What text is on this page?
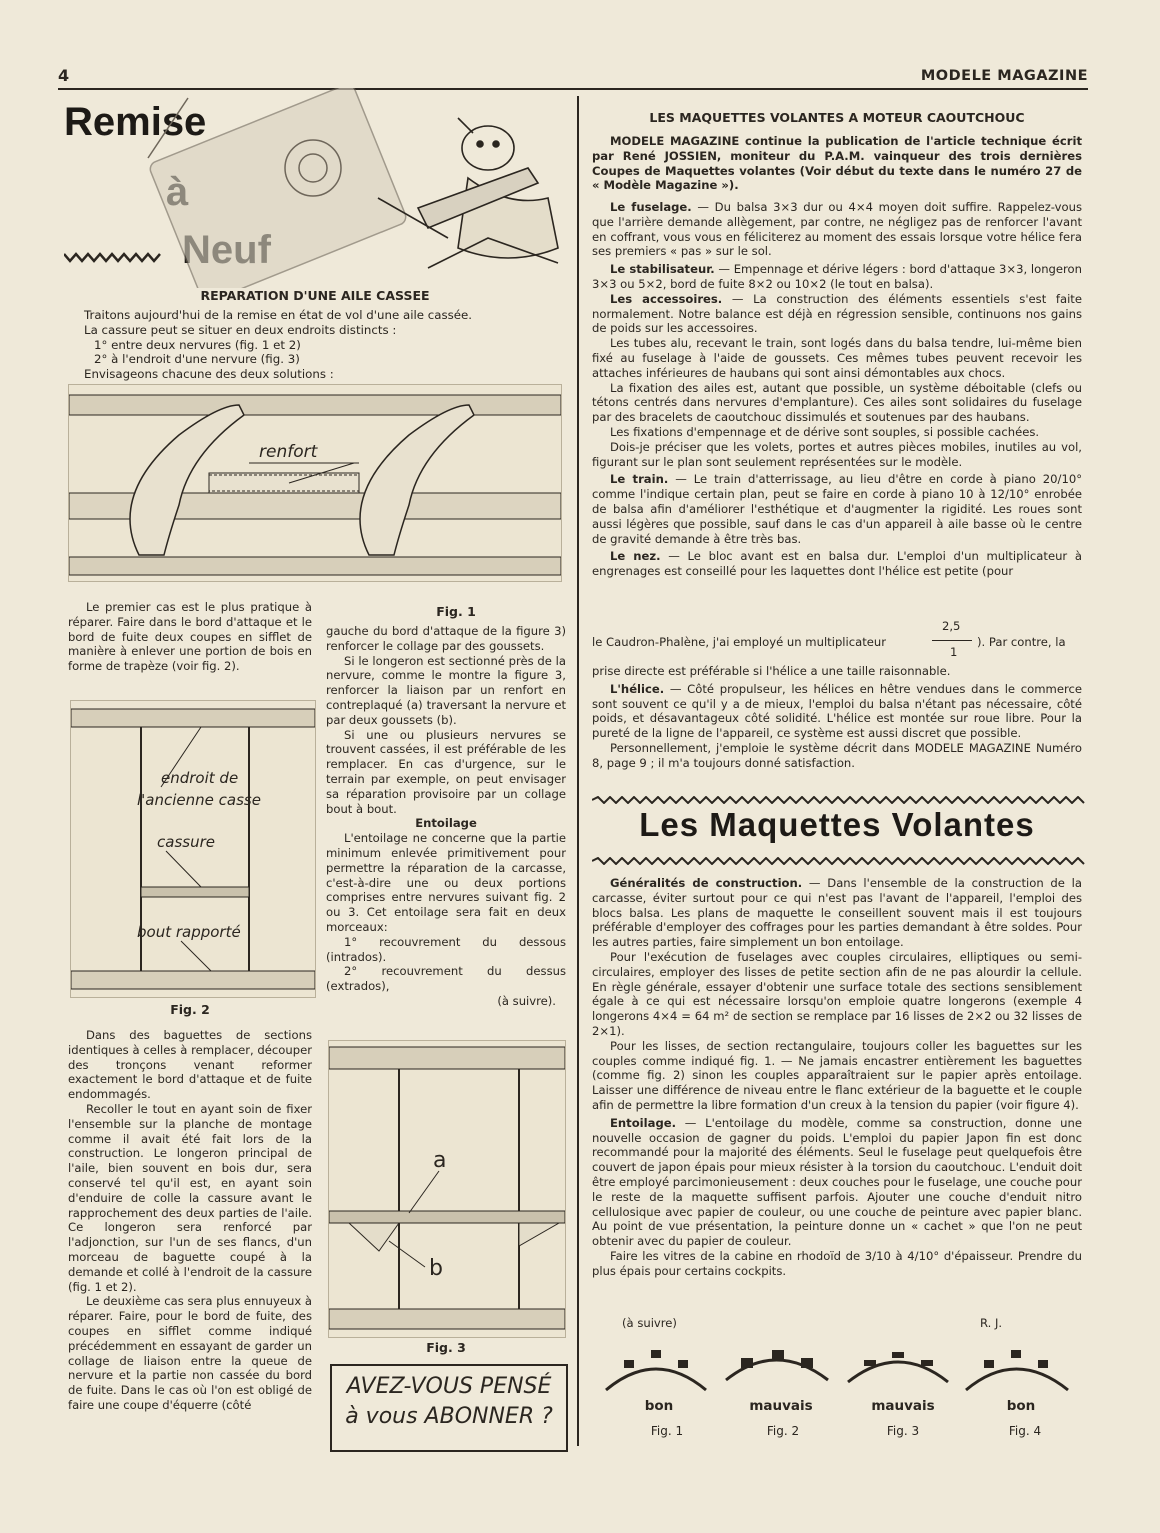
4	MODELE MAGAZINE
Remise
REPARATION D'UNE AILE CASSEE
Traitons aujourd'hui de la remise en état de vol d'une aile cassée.
La cassure peut se situer en deux endroits distincts :
1° entre deux nervures (fig. 1 et 2)
2° à l'endroit d'une nervure (fig. 3)
Envisageons chacune des deux solutions :
renfort

Le premier cas est le plus pratique à réparer. Faire dans le bord d'attaque et le bord de fuite deux coupes en sifflet de manière à enlever une portion de bois en forme de trapèze (voir fig. 2).

endroit de
l'ancienne casse
cassure
bout rapporté
Fig. 2

Dans des baguettes de sections identiques à celles à remplacer, découper des tronçons venant reformer exactement le bord d'attaque et de fuite endommagés.

Recoller le tout en ayant soin de fixer l'ensemble sur la planche de montage comme il avait été fait lors de la construction. Le longeron principal de l'aile, bien souvent en bois dur, sera conservé tel qu'il est, en ayant soin d'enduire de colle la cassure avant le rapprochement des deux parties de l'aile. Ce longeron sera renforcé par l'adjonction, sur l'un de ses flancs, d'un morceau de baguette coupé à la demande et collé à l'endroit de la cassure (fig. 1 et 2).

Le deuxième cas sera plus ennuyeux à réparer. Faire, pour le bord de fuite, des coupes en sifflet comme indiqué précédemment en essayant de garder un collage de liaison entre la queue de nervure et la partie non cassée du bord de fuite. Dans le cas où l'on est obligé de faire une coupe d'équerre (côté

Fig. 1

gauche du bord d'attaque de la figure 3) renforcer le collage par des goussets.

Si le longeron est sectionné près de la nervure, comme le montre la figure 3, renforcer la liaison par un renfort en contreplaqué (a) traversant la nervure et par deux goussets (b).

Si une ou plusieurs nervures se trouvent cassées, il est préférable de les remplacer. En cas d'urgence, sur le terrain par exemple, on peut envisager sa réparation provisoire par un collage bout à bout.

Entoilage

L'entoilage ne concerne que la partie minimum enlevée primitivement pour permettre la réparation de la carcasse, c'est-à-dire une ou deux portions comprises entre nervures suivant fig. 2 ou 3. Cet entoilage sera fait en deux morceaux:

1° recouvrement du dessous (intrados).

2° recouvrement du dessus (extrados),

(à suivre).
a
b
Fig. 3
AVEZ-VOUS PENSÉ
à vous ABONNER ?
LES MAQUETTES VOLANTES A MOTEUR CAOUTCHOUC

MODELE MAGAZINE continue la publication de l'article technique écrit par René JOSSIEN, moniteur du P.A.M. vainqueur des trois dernières Coupes de Maquettes volantes (Voir début du texte dans le numéro 27 de « Modèle Magazine »).

Le fuselage. — Du balsa 3×3 dur ou 4×4 moyen doit suffire. Rappelez-vous que l'arrière demande allègement, par contre, ne négligez pas de renforcer l'avant en coffrant, vous vous en féliciterez au moment des essais lorsque votre hélice fera ses premiers « pas » sur le sol.

Le stabilisateur. — Empennage et dérive légers : bord d'attaque 3×3, longeron 3×3 ou 5×2, bord de fuite 8×2 ou 10×2 (le tout en balsa).

Les accessoires. — La construction des éléments essentiels s'est faite normalement. Notre balance est déjà en régression sensible, continuons nos gains de poids sur les accessoires.

Les tubes alu, recevant le train, sont logés dans du balsa tendre, lui-même bien fixé au fuselage à l'aide de goussets. Ces mêmes tubes peuvent recevoir les attaches inférieures de haubans qui sont ainsi démontables aux chocs.

La fixation des ailes est, autant que possible, un système déboitable (clefs ou tétons centrés dans nervures d'emplanture). Ces ailes sont solidaires du fuselage par des bracelets de caoutchouc dissimulés et soutenues par des haubans.

Les fixations d'empennage et de dérive sont souples, si possible cachées.

Dois-je préciser que les volets, portes et autres pièces mobiles, inutiles au vol, figurant sur le plan sont seulement représentées sur le modèle.

Le train. — Le train d'atterrissage, au lieu d'être en corde à piano 20/10° comme l'indique certain plan, peut se faire en corde à piano 10 à 12/10° enrobée de balsa afin d'améliorer l'esthétique et d'augmenter la rigidité. Les roues sont aussi légères que possible, sauf dans le cas d'un appareil à aile basse où le centre de gravité demande à être très bas.

Le nez. — Le bloc avant est en balsa dur. L'emploi d'un multiplicateur à engrenages est conseillé pour les laquettes dont l'hélice est petite (pour

le Caudron-Phalène, j'ai employé un multiplicateur
2,5
1
). Par contre, la

prise directe est préférable si l'hélice a une taille raisonnable.

L'hélice. — Côté propulseur, les hélices en hêtre vendues dans le commerce sont souvent ce qu'il y a de mieux, l'emploi du balsa n'étant pas nécessaire, côté poids, et désavantageux côté solidité. L'hélice est montée sur roue libre. Pour la pureté de la ligne de l'appareil, ce système est aussi discret que possible.

Personnellement, j'emploie le système décrit dans MODELE MAGAZINE Numéro 8, page 9 ; il m'a toujours donné satisfaction.

Les Maquettes Volantes

Généralités de construction. — Dans l'ensemble de la construction de la carcasse, éviter surtout pour ce qui n'est pas l'avant de l'appareil, l'emploi des blocs balsa. Les plans de maquette le conseillent souvent mais il est toujours préférable d'employer des coffrages pour les parties demandant à être soldes. Pour les autres parties, faire simplement un bon entoilage.

Pour l'exécution de fuselages avec couples circulaires, elliptiques ou semi-circulaires, employer des lisses de petite section afin de ne pas alourdir la cellule. En règle générale, essayer d'obtenir une surface totale des sections sensiblement égale à ce qui est nécessaire lorsqu'on emploie quatre longerons (exemple 4 longerons 4×4 = 64 m² de section se remplace par 16 lisses de 2×2 ou 32 lisses de 2×1).

Pour les lisses, de section rectangulaire, toujours coller les baguettes sur les couples comme indiqué fig. 1. — Ne jamais encastrer entièrement les baguettes (comme fig. 2) sinon les couples apparaîtraient sur le papier après entoilage. Laisser une différence de niveau entre le flanc extérieur de la baguette et le couple afin de permettre la libre formation d'un creux à la tension du papier (voir figure 4).

Entoilage. — L'entoilage du modèle, comme sa construction, donne une nouvelle occasion de gagner du poids. L'emploi du papier Japon fin est donc recommandé pour la majorité des éléments. Seul le fuselage peut quelquefois être couvert de japon épais pour mieux résister à la torsion du caoutchouc. L'enduit doit être employé parcimonieusement : deux couches pour le fuselage, une couche pour le reste de la maquette suffisent parfois. Ajouter une couche d'enduit nitro cellulosique avec papier de couleur, ou une couche de peinture avec papier blanc. Au point de vue présentation, la peinture donne un « cachet » que l'on ne peut obtenir avec du papier de couleur.

Faire les vitres de la cabine en rhodoïd de 3/10 à 4/10° d'épaisseur. Prendre du plus épais pour certains cockpits.

(à suivre)	R. J.
bon	mauvais	mauvais	bon
Fig. 1	Fig. 2	Fig. 3	Fig. 4
